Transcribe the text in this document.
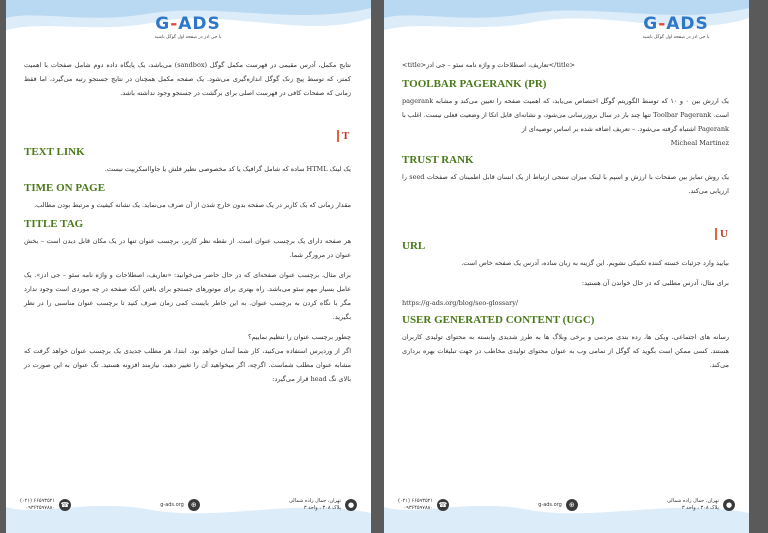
G-ADS
با جی ادز در صفحه اول گوگل باشید

نتایج مکمل، آدرس مقیمی در فهرست مکمل گوگل (sandbox) می‌باشد، یک پایگاه داده دوم شامل صفحات با اهمیت کمتر، که توسط پیج رنک گوگل اندازه‌گیری می‌شود. یک صفحه مکمل همچنان در نتایج جستجو رتبه می‌گیرد، اما فقط زمانی که صفحات کافی در فهرست اصلی برای برگشت در جستجو وجود نداشته باشد.

T
TEXT LINK

یک لینک HTML ساده که شامل گرافیک یا کد مخصوصی نظیر فلش یا جاوااسکریپت نیست.

TIME ON PAGE

مقدار زمانی که یک کاربر در یک صفحه بدون خارج شدن از آن صرف می‌نماید. یک نشانه کیفیت و مرتبط بودن مطالب.

TITLE TAG

هر صفحه دارای یک برچسب عنوان است. از نقطه نظر کاربر، برچسب عنوان تنها در یک مکان قابل دیدن است – بخش عنوان در مرورگر شما.

برای مثال، برچسب عنوان صفحه‌ای که در حال حاضر می‌خوانید: «تعاریف، اصطلاحات و واژه نامه سئو – جی ادز». یک عامل بسیار مهم سئو می‌باشد. راه بهتری برای موتورهای جستجو برای یافتن آنکه صفحه در چه موردی است وجود ندارد مگر با نگاه کردن به برچسب عنوان. به این خاطر بایست کمی زمان صرف کنید تا برچسب عنوان مناسبی را در نظر بگیرید.

چطور برچسب عنوان را تنظیم نماییم؟

اگر از وردپرس استفاده می‌کنید، کار شما آسان خواهد بود. ابتدا، هر مطلب جدیدی یک برچسب عنوان خواهد گرفت که مشابه عنوان مطلب شماست. اگرچه، اگر میخواهید آن را تغییر دهید، نیازمند افزونه هستید. تگ عنوان به این صورت در بالای تگ head قرار می‌گیرد:

(۰۲۱) ۶۶۵۹۳۵۲۱
۰۹۳۶۴۵۹۷۸۸۰ ☎	g-ads.org	⊕	تهران، جمال زاده شمالی
پلاک ۳۰۸ ، واحد ۳ ●
G-ADS
با جی ادز در صفحه اول گوگل باشید

<title>تعاریف، اصطلاحات و واژه نامه سئو – جی ادز</title>

TOOLBAR PAGERANK (PR)

یک ارزش بین ۰ و ۱۰ که توسط الگوریتم گوگل اختصاص می‌یابد، که اهمیت صفحه را تعیین می‌کند و مشابه pagerank است. Toolbar Pagerank تنها چند بار در سال بروزرسانی می‌شود، و نشانه‌ای قابل اتکا از وضعیت فعلی نیست. اغلب با Pagerank اشتباه گرفته می‌شود. – تعریف اضافه شده بر اساس توصیه‌ای از

Micheal Martinez
TRUST RANK

یک روش تمایز بین صفحات با ارزش و اسپم با لینک میزان سنجی ارتباط از یک انسان قابل اطمینان که صفحات seed را ارزیابی می‌کند.

U
URL

بیایید وارد جزئیات خسته کننده تکنیکی نشویم. این گزینه به زبان ساده، آدرس یک صفحه خاص است.

برای مثال، آدرس مطلبی که در حال خواندن آن هستید:

https://g-ads.org/blog/seo-glossary/
USER GENERATED CONTENT (UGC)

رسانه های اجتماعی، ویکی ها، رده بندی مردمی و برخی وبلاگ ها به طرز شدیدی وابسته به محتوای تولیدی کاربران هستند. کسی ممکن است بگوید که گوگل از تمامی وب به عنوان محتوای تولیدی مخاطب در جهت تبلیغات بهره برداری می‌کند.

(۰۲۱) ۶۶۵۹۳۵۲۱
۰۹۳۶۴۵۹۷۸۸۰ ☎	g-ads.org	⊕	تهران، جمال زاده شمالی
پلاک ۳۰۸ ، واحد ۳ ●
